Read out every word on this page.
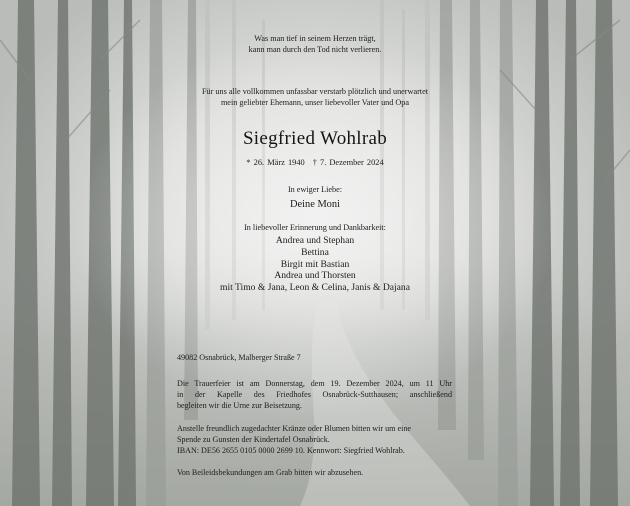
Was man tief in seinem Herzen trägt,
kann man durch den Tod nicht verlieren.
Für uns alle vollkommen unfassbar verstarb plötzlich und unerwartet
mein geliebter Ehemann, unser liebevoller Vater und Opa
Siegfried Wohlrab
* 26. März 1940 † 7. Dezember 2024
In ewiger Liebe:
Deine Moni
In liebevoller Erinnerung und Dankbarkeit:
Andrea und Stephan
Bettina
Birgit mit Bastian
Andrea und Thorsten
mit Timo & Jana, Leon & Celina, Janis & Dajana
49082 Osnabrück, Malberger Straße 7
Die Trauerfeier ist am Donnerstag, dem 19. Dezember 2024, um 11 Uhr
in der Kapelle des Friedhofes Osnabrück-Sutthausen; anschließend
begleiten wir die Urne zur Beisetzung.
Anstelle freundlich zugedachter Kränze oder Blumen bitten wir um eine
Spende zu Gunsten der Kindertafel Osnabrück.
IBAN: DE56 2655 0105 0000 2699 10. Kennwort: Siegfried Wohlrab.
Von Beileidsbekundungen am Grab bitten wir abzusehen.
